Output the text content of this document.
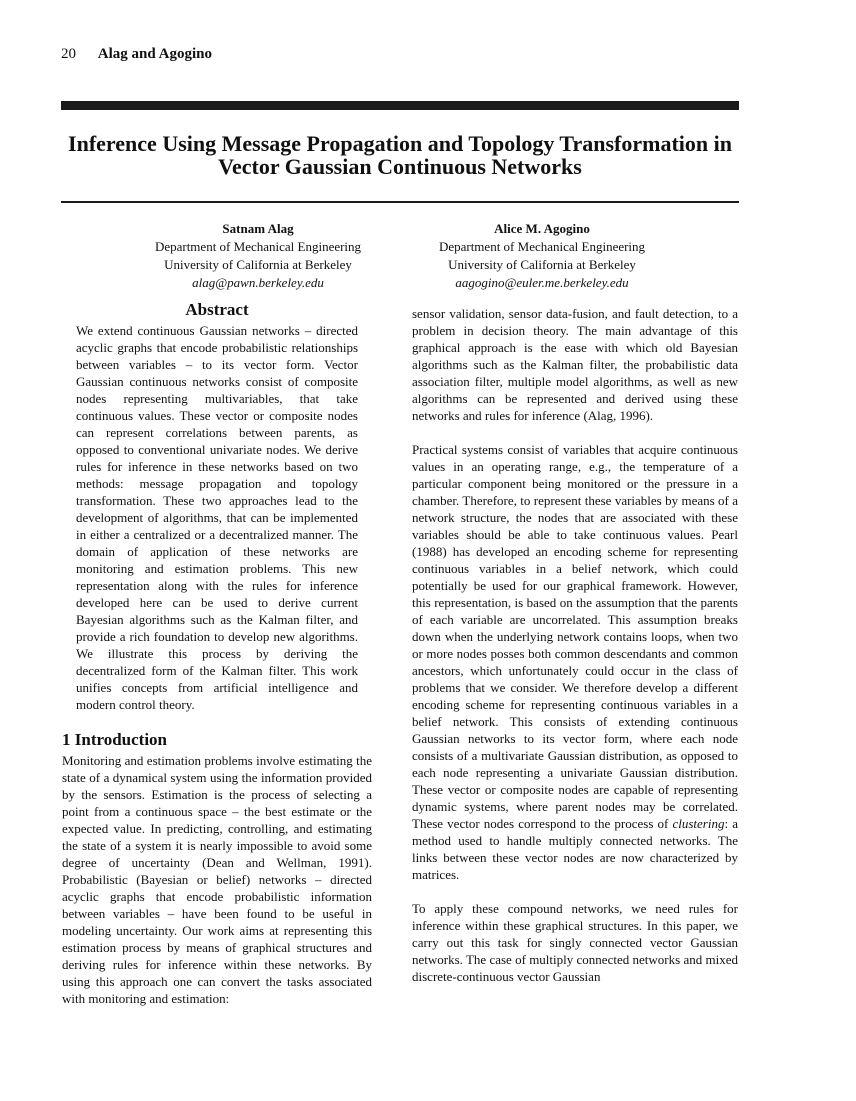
20 Alag and Agogino
Inference Using Message Propagation and Topology Transformation in Vector Gaussian Continuous Networks
Satnam Alag
Department of Mechanical Engineering
University of California at Berkeley
alag@pawn.berkeley.edu
Alice M. Agogino
Department of Mechanical Engineering
University of California at Berkeley
aagogino@euler.me.berkeley.edu
Abstract

We extend continuous Gaussian networks – directed acyclic graphs that encode probabilistic relationships between variables – to its vector form. Vector Gaussian continuous networks consist of composite nodes representing multivariables, that take continuous values. These vector or composite nodes can represent correlations between parents, as opposed to conventional univariate nodes. We derive rules for inference in these networks based on two methods: message propagation and topology transformation. These two approaches lead to the development of algorithms, that can be implemented in either a centralized or a decentralized manner. The domain of application of these networks are monitoring and estimation problems. This new representation along with the rules for inference developed here can be used to derive current Bayesian algorithms such as the Kalman filter, and provide a rich foundation to develop new algorithms. We illustrate this process by deriving the decentralized form of the Kalman filter. This work unifies concepts from artificial intelligence and modern control theory.

1 Introduction

Monitoring and estimation problems involve estimating the state of a dynamical system using the information provided by the sensors. Estimation is the process of selecting a point from a continuous space – the best estimate or the expected value. In predicting, controlling, and estimating the state of a system it is nearly impossible to avoid some degree of uncertainty (Dean and Wellman, 1991). Probabilistic (Bayesian or belief) networks – directed acyclic graphs that encode probabilistic information between variables – have been found to be useful in modeling uncertainty. Our work aims at representing this estimation process by means of graphical structures and deriving rules for inference within these networks. By using this approach one can convert the tasks associated with monitoring and estimation:

sensor validation, sensor data-fusion, and fault detection, to a problem in decision theory. The main advantage of this graphical approach is the ease with which old Bayesian algorithms such as the Kalman filter, the probabilistic data association filter, multiple model algorithms, as well as new algorithms can be represented and derived using these networks and rules for inference (Alag, 1996).

Practical systems consist of variables that acquire continuous values in an operating range, e.g., the temperature of a particular component being monitored or the pressure in a chamber. Therefore, to represent these variables by means of a network structure, the nodes that are associated with these variables should be able to take continuous values. Pearl (1988) has developed an encoding scheme for representing continuous variables in a belief network, which could potentially be used for our graphical framework. However, this representation, is based on the assumption that the parents of each variable are uncorrelated. This assumption breaks down when the underlying network contains loops, when two or more nodes posses both common descendants and common ancestors, which unfortunately could occur in the class of problems that we consider. We therefore develop a different encoding scheme for representing continuous variables in a belief network. This consists of extending continuous Gaussian networks to its vector form, where each node consists of a multivariate Gaussian distribution, as opposed to each node representing a univariate Gaussian distribution. These vector or composite nodes are capable of representing dynamic systems, where parent nodes may be correlated. These vector nodes correspond to the process of clustering: a method used to handle multiply connected networks. The links between these vector nodes are now characterized by matrices.

To apply these compound networks, we need rules for inference within these graphical structures. In this paper, we carry out this task for singly connected vector Gaussian networks. The case of multiply connected networks and mixed discrete-continuous vector Gaussian
